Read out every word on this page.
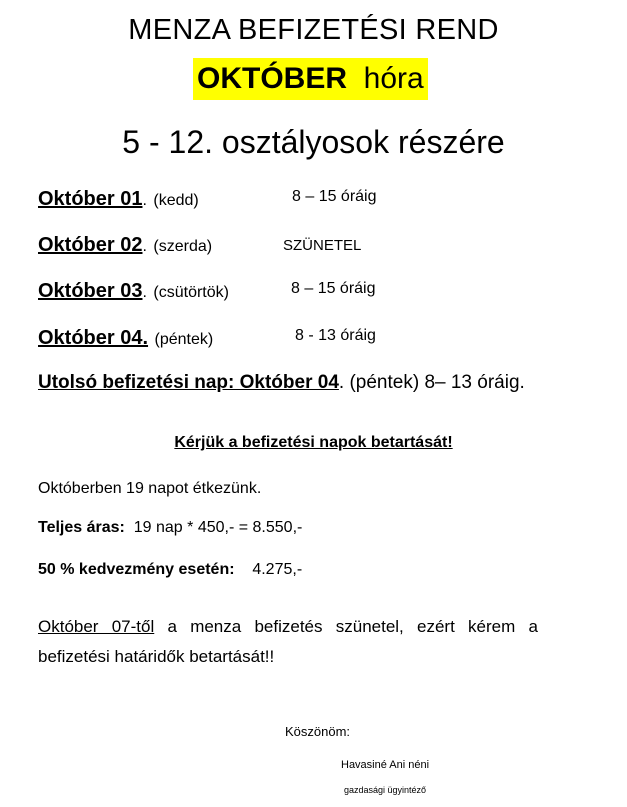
MENZA BEFIZETÉSI REND
OKTÓBER hóra
5 - 12. osztályosok részére
Október 01. (kedd)	8 – 15 óráig
Október 02. (szerda)	SZÜNETEL
Október 03. (csütörtök)	8 – 15 óráig
Október 04. (péntek)	8 - 13 óráig
Utolsó befizetési nap: Október 04. (péntek) 8– 13 óráig.
Kérjük a befizetési napok betartását!
Októberben 19 napot étkezünk.
Teljes áras: 19 nap * 450,- = 8.550,-
50 % kedvezmény esetén: 4.275,-
Október 07-től a menza befizetés szünetel, ezért kérem a befizetési határidők betartását!!
Köszönöm:
Havasiné Ani néni
gazdasági ügyintéző
